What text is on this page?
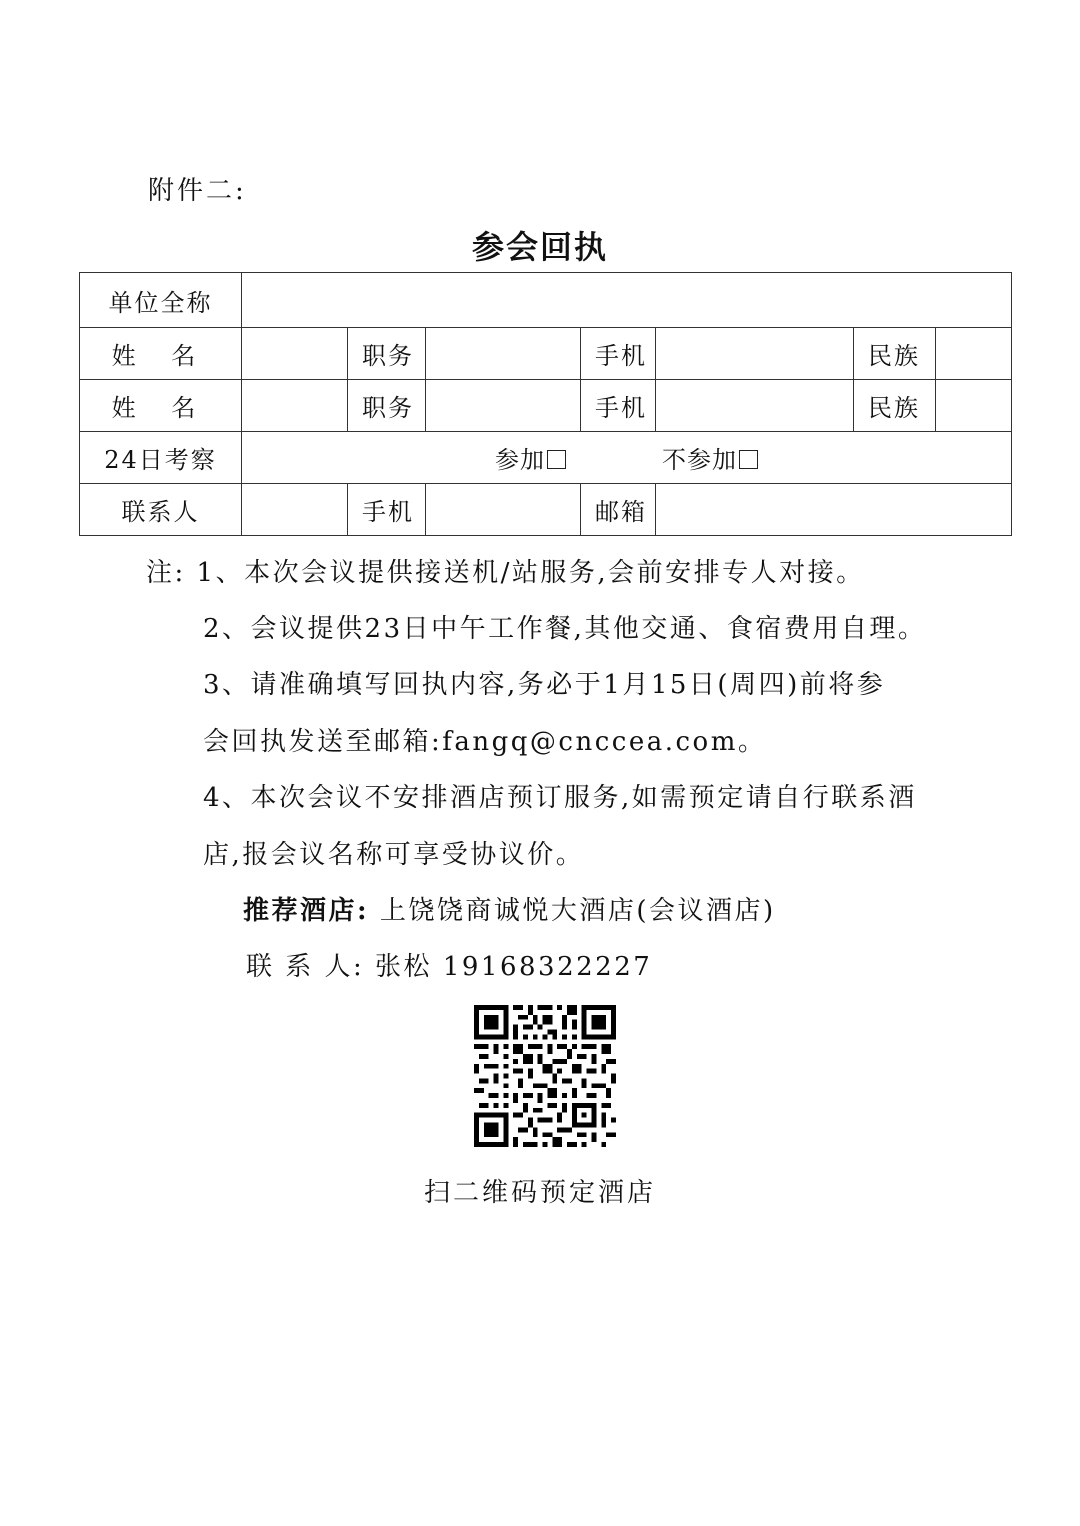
附件二:
参会回执
单位全称							
姓 名		职务		手机		民族	
姓 名		职务		手机		民族	
24日考察	参加 不参加						
联系人		手机		邮箱			
注: 1、本次会议提供接送机/站服务,会前安排专人对接。
2、会议提供23日中午工作餐,其他交通、食宿费用自理。
3、请准确填写回执内容,务必于1月15日(周四)前将参
会回执发送至邮箱:fangq@cnccea.com。
4、本次会议不安排酒店预订服务,如需预定请自行联系酒
店,报会议名称可享受协议价。
推荐酒店: 上饶饶商诚悦大酒店(会议酒店)
联 系 人: 张松 19168322227
扫二维码预定酒店
